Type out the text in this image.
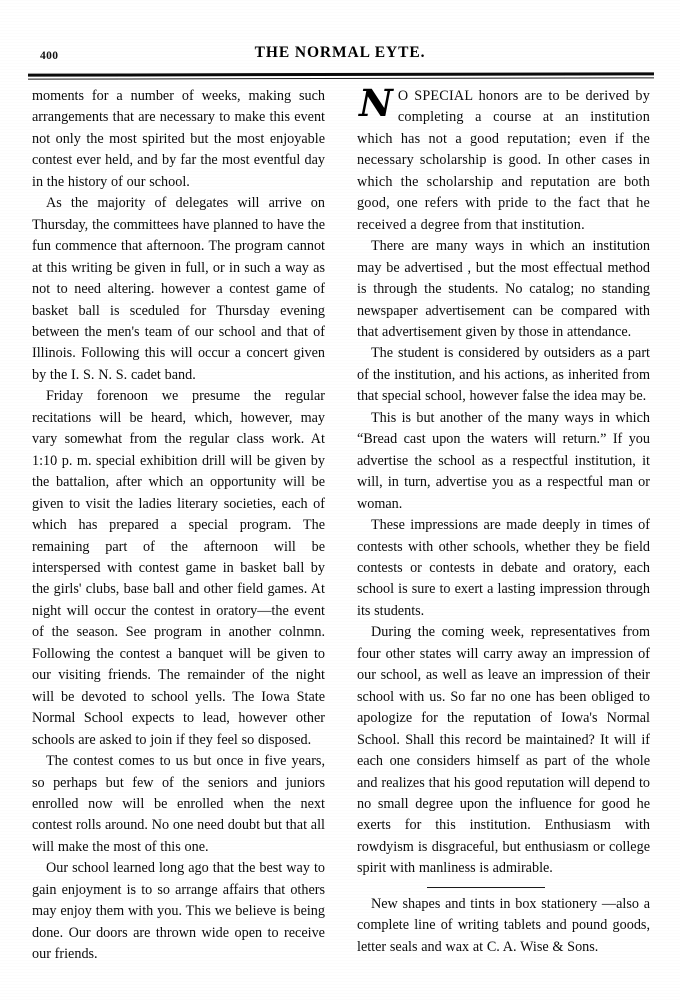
400	THE NORMAL EYTE.

moments for a number of weeks, making such arrangements that are necessary to make this event not only the most spirited but the most enjoyable contest ever held, and by far the most eventful day in the history of our school.

As the majority of delegates will arrive on Thursday, the committees have planned to have the fun commence that afternoon. The program cannot at this writing be given in full, or in such a way as not to need altering. however a contest game of basket ball is sceduled for Thursday evening between the men's team of our school and that of Illinois. Following this will occur a concert given by the I. S. N. S. cadet band.

Friday forenoon we presume the regular recitations will be heard, which, however, may vary somewhat from the regular class work. At 1:10 p. m. special exhibition drill will be given by the battalion, after which an opportunity will be given to visit the ladies literary societies, each of which has prepared a special program. The remaining part of the afternoon will be interspersed with contest game in basket ball by the girls' clubs, base ball and other field games. At night will occur the contest in oratory—the event of the season. See program in another colnmn. Following the contest a banquet will be given to our visiting friends. The remainder of the night will be devoted to school yells. The Iowa State Normal School expects to lead, however other schools are asked to join if they feel so disposed.

The contest comes to us but once in five years, so perhaps but few of the seniors and juniors enrolled now will be enrolled when the next contest rolls around. No one need doubt but that all will make the most of this one.

Our school learned long ago that the best way to gain enjoyment is to so arrange affairs that others may enjoy them with you. This we believe is being done. Our doors are thrown wide open to receive our friends.

N O SPECIAL honors are to be derived by completing a course at an institution which has not a good reputation; even if the necessary scholarship is good. In other cases in which the scholarship and reputation are both good, one refers with pride to the fact that he received a degree from that institution.

There are many ways in which an institution may be advertised , but the most effectual method is through the students. No catalog; no standing newspaper advertisement can be compared with that advertisement given by those in attendance.

The student is considered by outsiders as a part of the institution, and his actions, as inherited from that special school, however false the idea may be.

This is but another of the many ways in which “Bread cast upon the waters will return.” If you advertise the school as a respectful institution, it will, in turn, advertise you as a respectful man or woman.

These impressions are made deeply in times of contests with other schools, whether they be field contests or contests in debate and oratory, each school is sure to exert a lasting impression through its students.

During the coming week, representatives from four other states will carry away an impression of our school, as well as leave an impression of their school with us. So far no one has been obliged to apologize for the reputation of Iowa's Normal School. Shall this record be maintained? It will if each one considers himself as part of the whole and realizes that his good reputation will depend to no small degree upon the influence for good he exerts for this institution. Enthusiasm with rowdyism is disgraceful, but enthusiasm or college spirit with manliness is admirable.

New shapes and tints in box stationery —also a complete line of writing tablets and pound goods, letter seals and wax at C. A. Wise & Sons.
